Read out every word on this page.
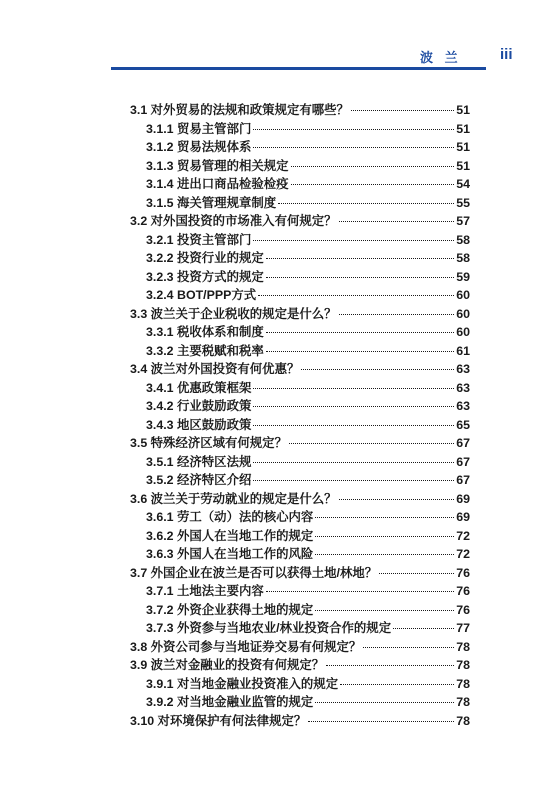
波 兰	iii
3.1 对外贸易的法规和政策规定有哪些？	51
3.1.1 贸易主管部门	51
3.1.2 贸易法规体系	51
3.1.3 贸易管理的相关规定	51
3.1.4 进出口商品检验检疫	54
3.1.5 海关管理规章制度	55
3.2 对外国投资的市场准入有何规定？	57
3.2.1 投资主管部门	58
3.2.2 投资行业的规定	58
3.2.3 投资方式的规定	59
3.2.4 BOT/PPP方式	60
3.3 波兰关于企业税收的规定是什么？	60
3.3.1 税收体系和制度	60
3.3.2 主要税赋和税率	61
3.4 波兰对外国投资有何优惠？	63
3.4.1 优惠政策框架	63
3.4.2 行业鼓励政策	63
3.4.3 地区鼓励政策	65
3.5 特殊经济区域有何规定？	67
3.5.1 经济特区法规	67
3.5.2 经济特区介绍	67
3.6 波兰关于劳动就业的规定是什么？	69
3.6.1 劳工（动）法的核心内容	69
3.6.2 外国人在当地工作的规定	72
3.6.3 外国人在当地工作的风险	72
3.7 外国企业在波兰是否可以获得土地/林地？	76
3.7.1 土地法主要内容	76
3.7.2 外资企业获得土地的规定	76
3.7.3 外资参与当地农业/林业投资合作的规定	77
3.8 外资公司参与当地证券交易有何规定？	78
3.9 波兰对金融业的投资有何规定？	78
3.9.1 对当地金融业投资准入的规定	78
3.9.2 对当地金融业监管的规定	78
3.10 对环境保护有何法律规定？	78
